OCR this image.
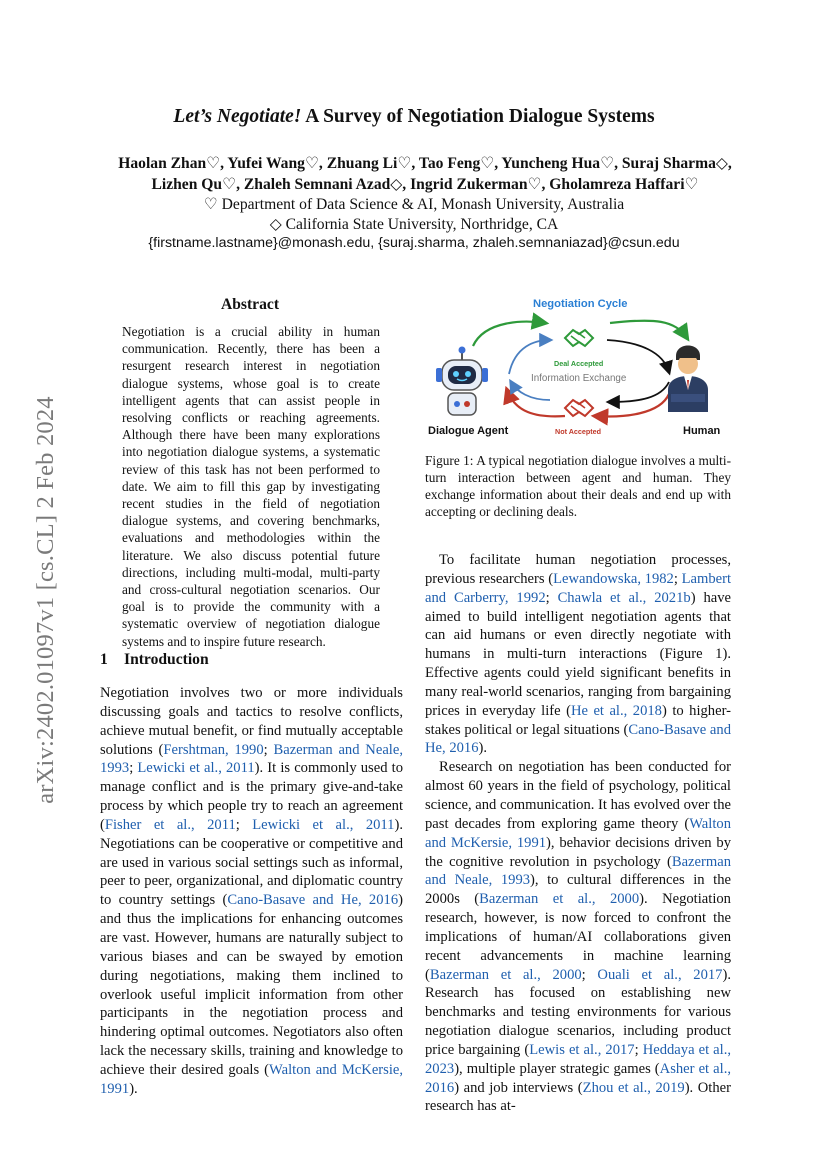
arXiv:2402.01097v1 [cs.CL] 2 Feb 2024
Let’s Negotiate! A Survey of Negotiation Dialogue Systems
Haolan Zhan♡, Yufei Wang♡, Zhuang Li♡, Tao Feng♡, Yuncheng Hua♡, Suraj Sharma◇,
Lizhen Qu♡, Zhaleh Semnani Azad◇, Ingrid Zukerman♡, Gholamreza Haffari♡
♡ Department of Data Science & AI, Monash University, Australia
◇ California State University, Northridge, CA
{firstname.lastname}@monash.edu, {suraj.sharma, zhaleh.semnaniazad}@csun.edu
Abstract
Negotiation is a crucial ability in human communication. Recently, there has been a resurgent research interest in negotiation dialogue systems, whose goal is to create intelligent agents that can assist people in resolving conflicts or reaching agreements. Although there have been many explorations into negotiation dialogue systems, a systematic review of this task has not been performed to date. We aim to fill this gap by investigating recent studies in the field of negotiation dialogue systems, and covering benchmarks, evaluations and methodologies within the literature. We also discuss potential future directions, including multi-modal, multi-party and cross-cultural negotiation scenarios. Our goal is to provide the community with a systematic overview of negotiation dialogue systems and to inspire future research.
1 Introduction

Negotiation involves two or more individuals discussing goals and tactics to resolve conflicts, achieve mutual benefit, or find mutually acceptable solutions (Fershtman, 1990; Bazerman and Neale, 1993; Lewicki et al., 2011). It is commonly used to manage conflict and is the primary give-and-take process by which people try to reach an agreement (Fisher et al., 2011; Lewicki et al., 2011). Negotiations can be cooperative or competitive and are used in various social settings such as informal, peer to peer, organizational, and diplomatic country to country settings (Cano-Basave and He, 2016) and thus the implications for enhancing outcomes are vast. However, humans are naturally subject to various biases and can be swayed by emotion during negotiations, making them inclined to overlook useful implicit information from other participants in the negotiation process and hindering optimal outcomes. Negotiators also often lack the necessary skills, training and knowledge to achieve their desired goals (Walton and McKersie, 1991).

Negotiation Cycle
Deal Accepted
Information Exchange
Not Accepted
Dialogue Agent	Human
Figure 1: A typical negotiation dialogue involves a multi-turn interaction between agent and human. They exchange information about their deals and end up with accepting or declining deals.

To facilitate human negotiation processes, previous researchers (Lewandowska, 1982; Lambert and Carberry, 1992; Chawla et al., 2021b) have aimed to build intelligent negotiation agents that can aid humans or even directly negotiate with humans in multi-turn interactions (Figure 1). Effective agents could yield significant benefits in many real-world scenarios, ranging from bargaining prices in everyday life (He et al., 2018) to higher-stakes political or legal situations (Cano-Basave and He, 2016).

Research on negotiation has been conducted for almost 60 years in the field of psychology, political science, and communication. It has evolved over the past decades from exploring game theory (Walton and McKersie, 1991), behavior decisions driven by the cognitive revolution in psychology (Bazerman and Neale, 1993), to cultural differences in the 2000s (Bazerman et al., 2000). Negotiation research, however, is now forced to confront the implications of human/AI collaborations given recent advancements in machine learning (Bazerman et al., 2000; Ouali et al., 2017). Research has focused on establishing new benchmarks and testing environments for various negotiation dialogue scenarios, including product price bargaining (Lewis et al., 2017; Heddaya et al., 2023), multiple player strategic games (Asher et al., 2016) and job interviews (Zhou et al., 2019). Other research has at-
